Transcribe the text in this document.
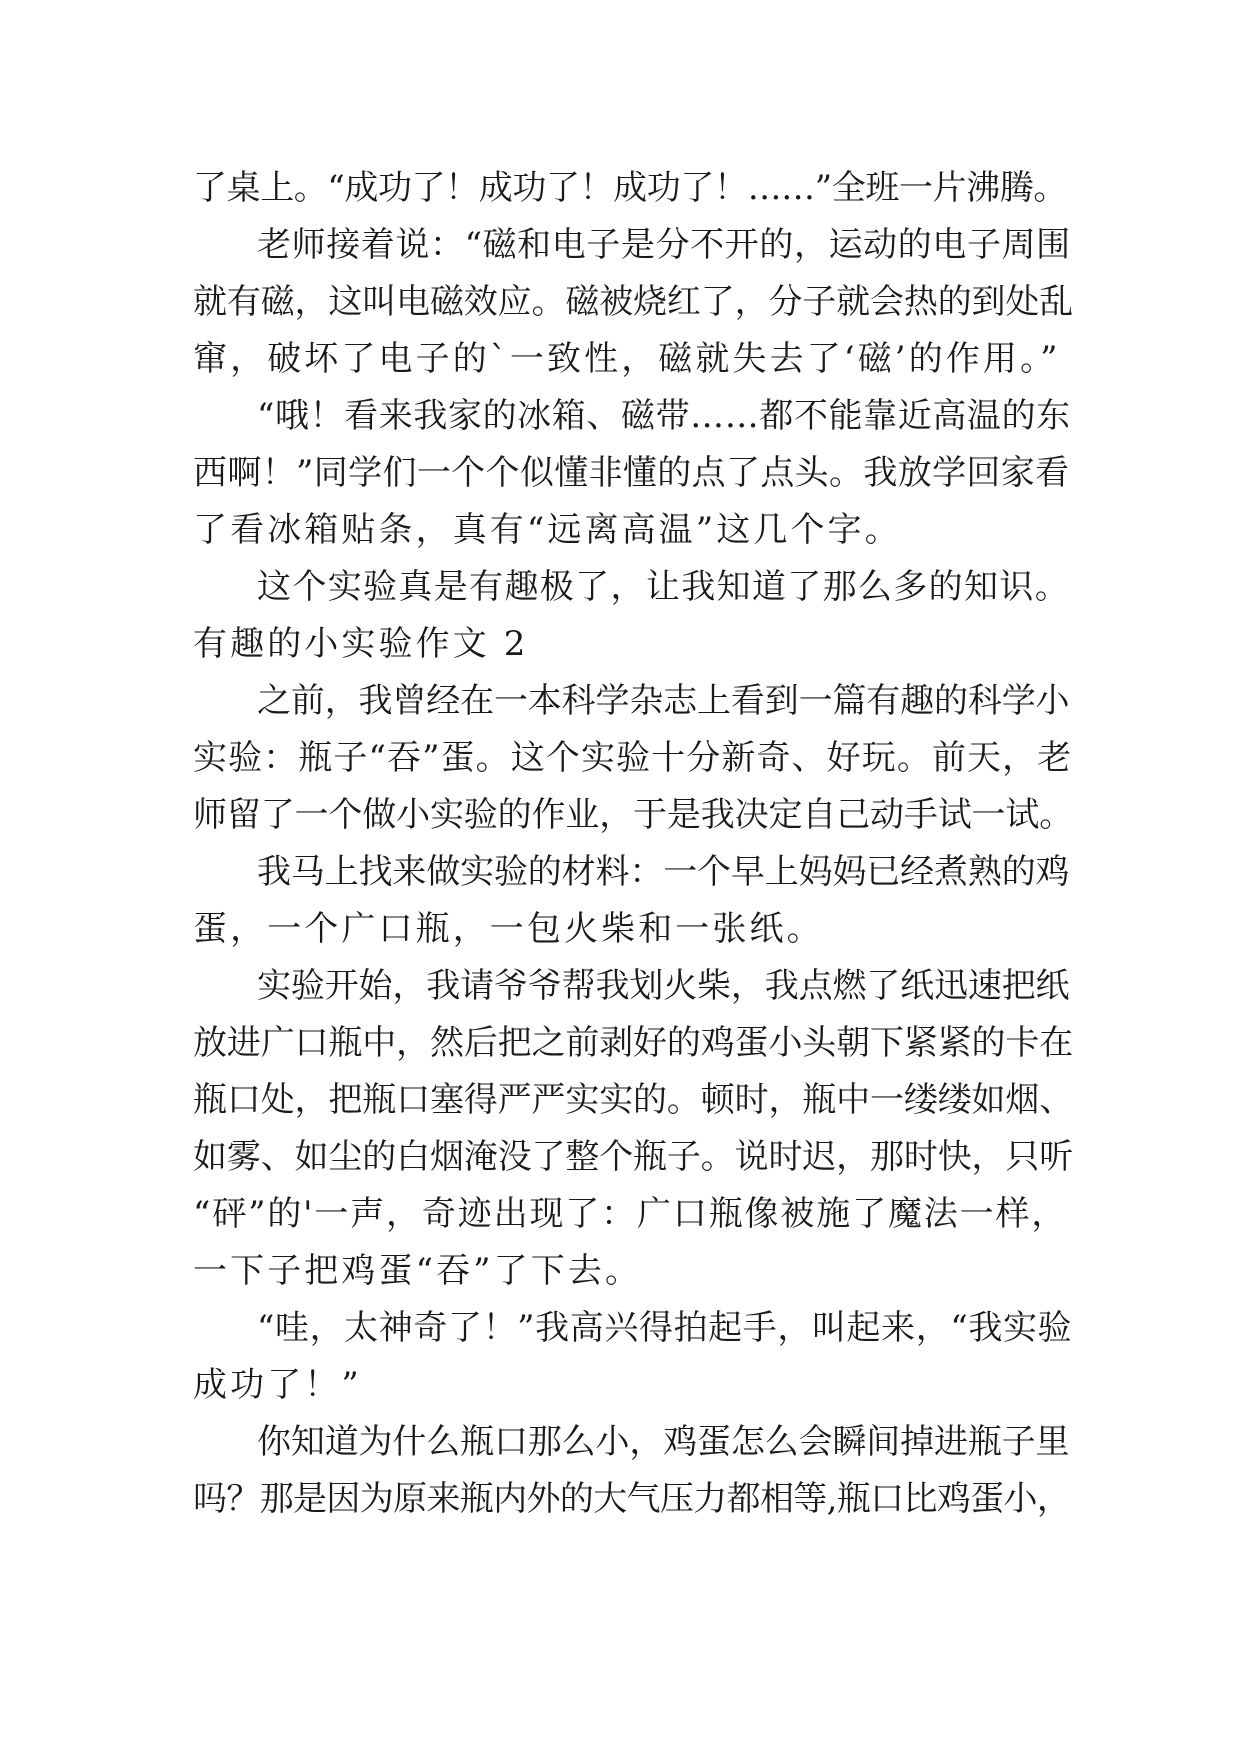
了桌上。“成功了！成功了！成功了！……”全班一片沸腾。
老师接着说：“磁和电子是分不开的，运动的电子周围
就有磁，这叫电磁效应。磁被烧红了，分子就会热的到处乱
窜，破坏了电子的`一致性，磁就失去了‘磁’的作用。”
“哦！看来我家的冰箱、磁带……都不能靠近高温的东
西啊！”同学们一个个似懂非懂的点了点头。我放学回家看
了看冰箱贴条，真有“远离高温”这几个字。
这个实验真是有趣极了，让我知道了那么多的知识。
有趣的小实验作文 2
之前，我曾经在一本科学杂志上看到一篇有趣的科学小
实验：瓶子“吞”蛋。这个实验十分新奇、好玩。前天，老
师留了一个做小实验的作业，于是我决定自己动手试一试。
我马上找来做实验的材料：一个早上妈妈已经煮熟的鸡
蛋，一个广口瓶，一包火柴和一张纸。
实验开始，我请爷爷帮我划火柴，我点燃了纸迅速把纸
放进广口瓶中，然后把之前剥好的鸡蛋小头朝下紧紧的卡在
瓶口处，把瓶口塞得严严实实的。顿时，瓶中一缕缕如烟、
如雾、如尘的白烟淹没了整个瓶子。说时迟，那时快，只听
“砰”的'一声，奇迹出现了：广口瓶像被施了魔法一样，
一下子把鸡蛋“吞”了下去。
“哇，太神奇了！”我高兴得拍起手，叫起来，“我实验
成功了！”
你知道为什么瓶口那么小，鸡蛋怎么会瞬间掉进瓶子里
吗？那是因为原来瓶内外的大气压力都相等,瓶口比鸡蛋小，
